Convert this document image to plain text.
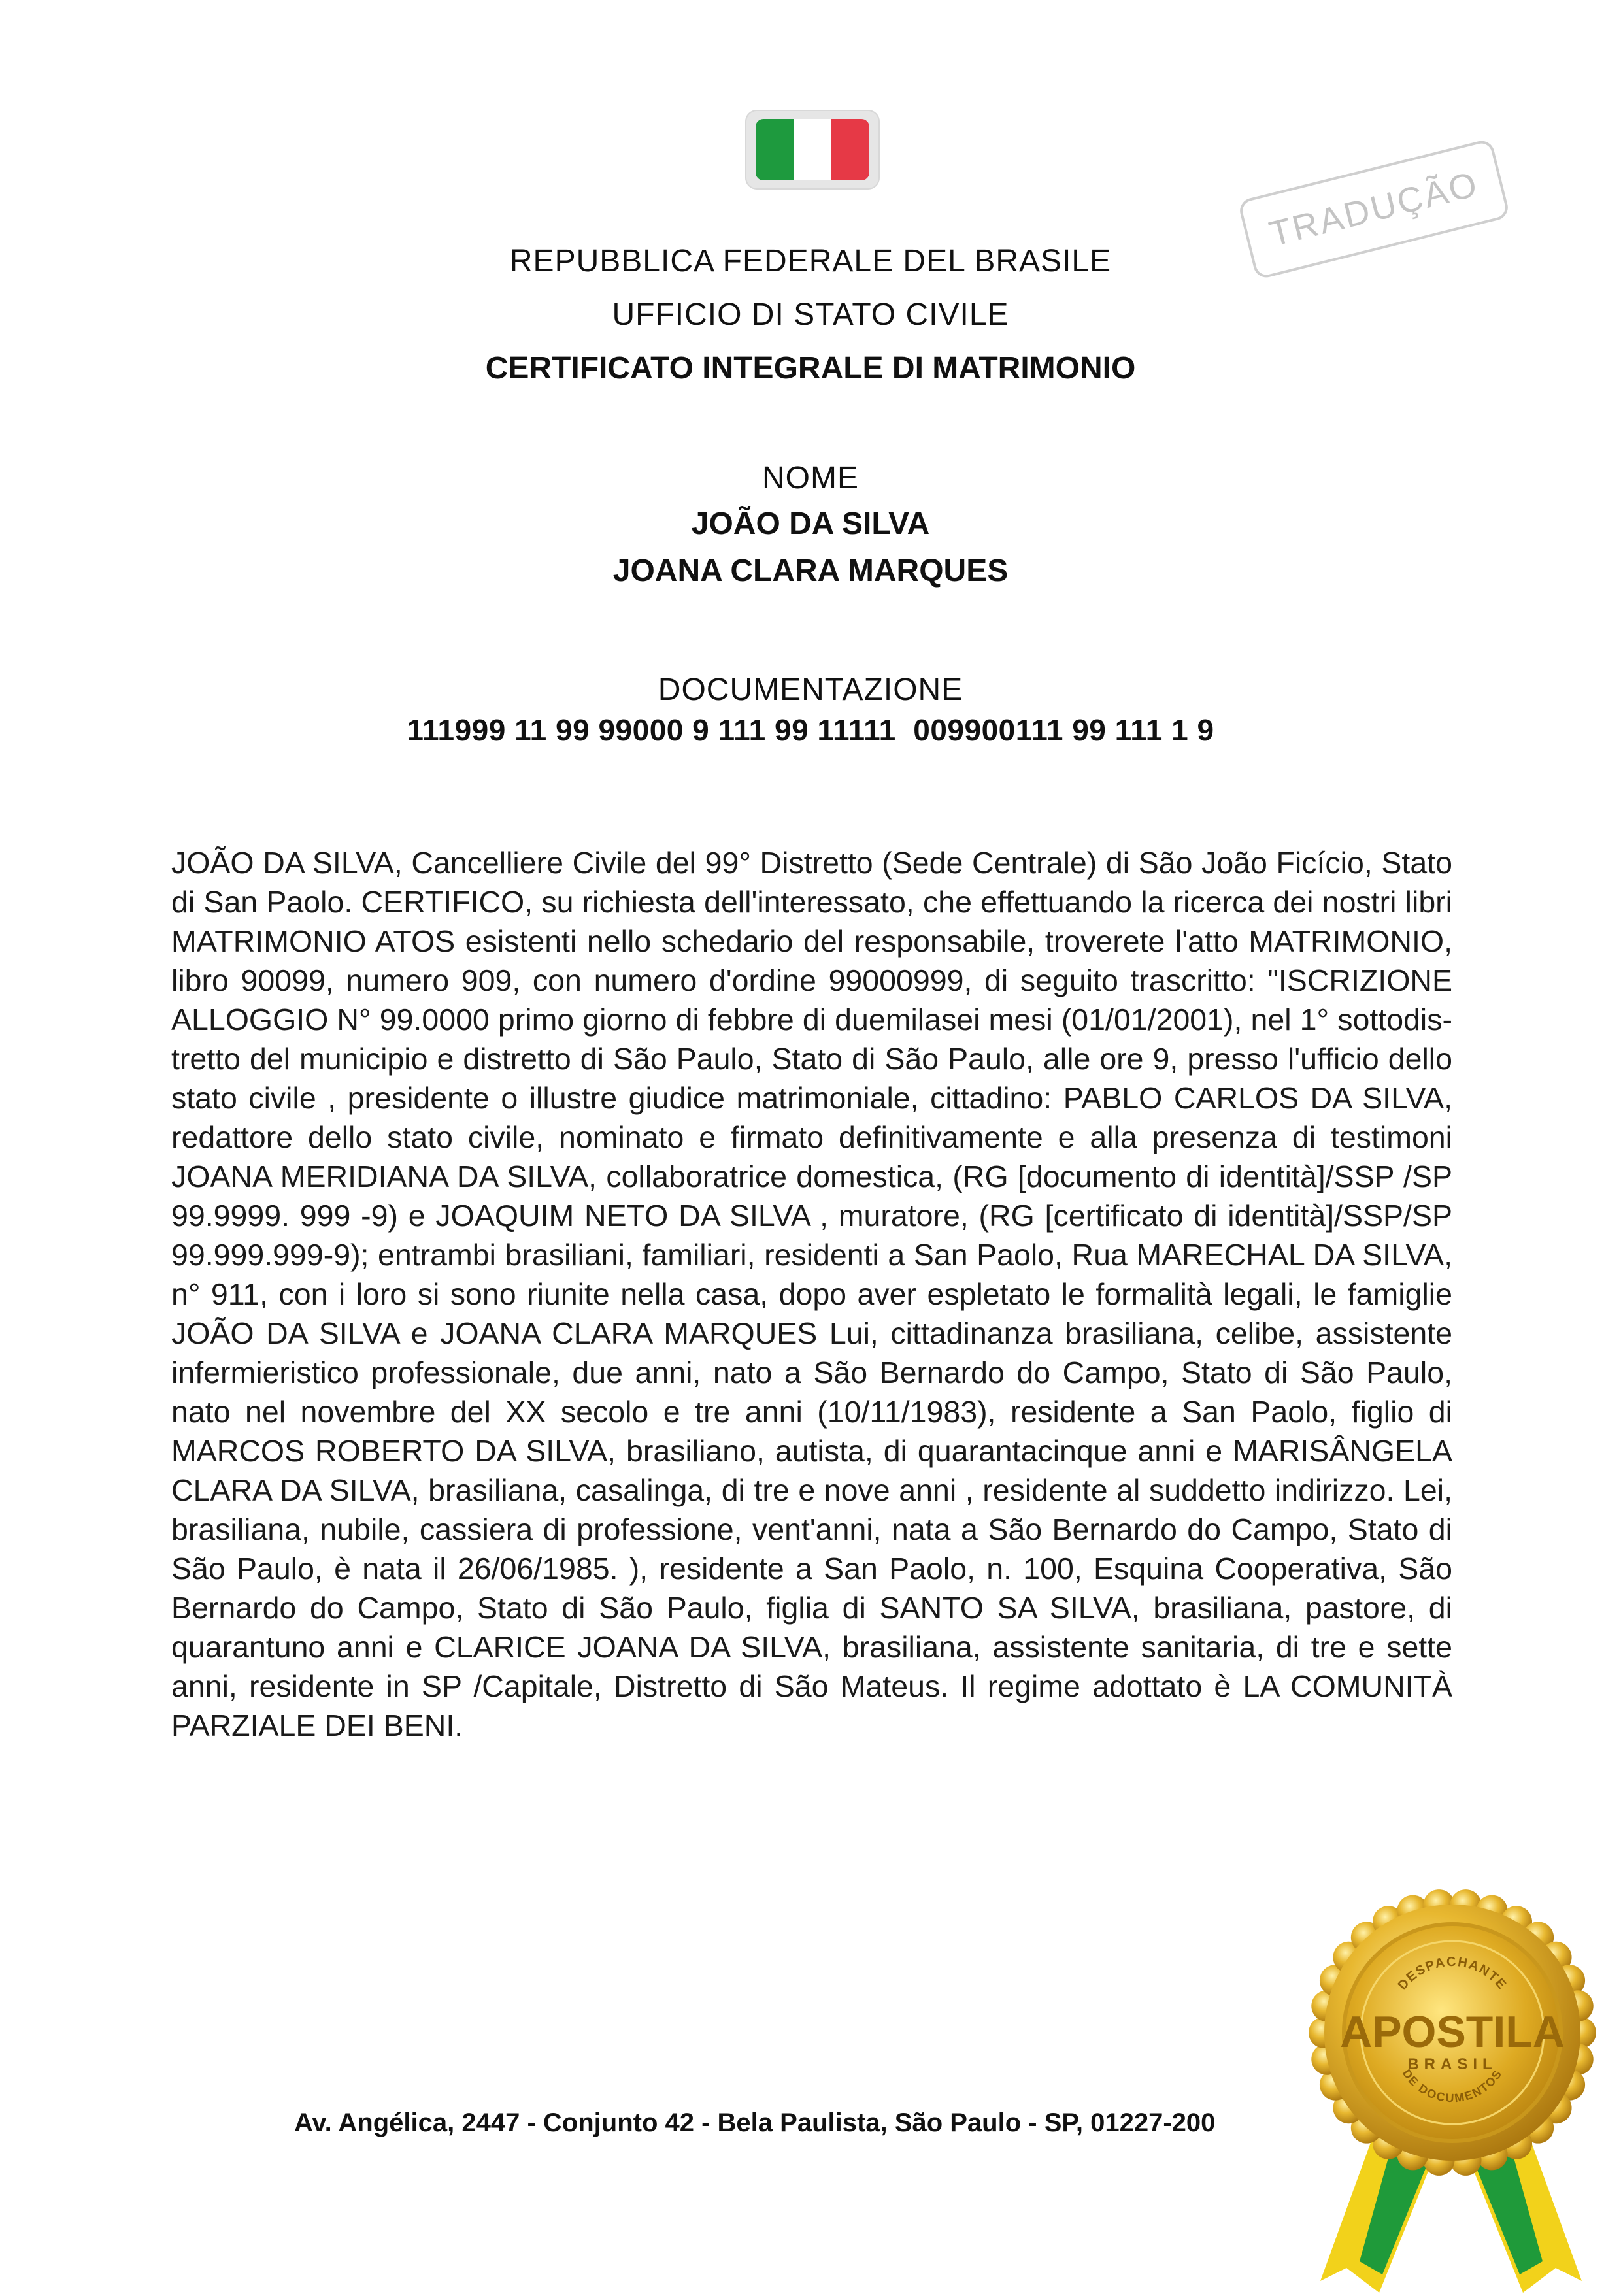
TRADUÇÃO
REPUBBLICA FEDERALE DEL BRASILE
UFFICIO DI STATO CIVILE
CERTIFICATO INTEGRALE DI MATRIMONIO
NOME
JOÃO DA SILVA
JOANA CLARA MARQUES
DOCUMENTAZIONE
111999 11 99 99000 9 111 99 11111  009900111 99 111 1 9
JOÃO DA SILVA, Cancelliere Civile del 99° Distretto (Sede Centrale) di São João Ficício, Stato di San Paolo. CERTIFICO, su richiesta dell'interessato, che effettuando la ricerca dei nostri libri MATRIMONIO ATOS esistenti nello schedario del responsabile, troverete l'atto MATRIMONIO, libro 90099, numero 909, con numero d'ordine 99000999, di seguito trascritto: "ISCRIZIONE ALLOGGIO N° 99.0000 primo giorno di febbre di duemilasei mesi (01/01/2001), nel 1° sottodistretto del municipio e distretto di São Paulo, Stato di São Paulo, alle ore 9, presso l'ufficio dello stato civile , presidente o illustre giudice matrimoniale, cittadino: PABLO CARLOS DA SILVA, redattore dello stato civile, nominato e firmato definitivamente e alla presenza di testimoni JOANA MERIDIANA DA SILVA, collaboratrice domestica, (RG [documento di identità]/SSP /SP 99.9999. 999 -9) e JOAQUIM NETO DA SILVA , muratore, (RG [certificato di identità]/SSP/SP 99.999.999-9); entrambi brasiliani, familiari, residenti a San Paolo, Rua MARECHAL DA SILVA, n° 911, con i loro si sono riunite nella casa, dopo aver espletato le formalità legali, le famiglie JOÃO DA SILVA e JOANA CLARA MARQUES Lui, cittadinanza brasiliana, celibe, assistente infermieristico professionale, due anni, nato a São Bernardo do Campo, Stato di São Paulo, nato nel novembre del XX secolo e tre anni (10/11/1983), residente a San Paolo, figlio di MARCOS ROBERTO DA SILVA, brasiliano, autista, di quarantacinque anni e MARISÂNGELA CLARA DA SILVA, brasiliana, casalinga, di tre e nove anni , residente al suddetto indirizzo. Lei, brasiliana, nubile, cassiera di professione, vent'anni, nata a São Bernardo do Campo, Stato di São Paulo, è nata il 26/06/1985. ), residente a San Paolo, n. 100, Esquina Cooperativa, São Bernardo do Campo, Stato di São Paulo, figlia di SANTO SA SILVA, brasiliana, pastore, di quarantuno anni e CLARICE JOANA DA SILVA, brasiliana, assistente sanitaria, di tre e sette anni, residente in SP /Capitale, Distretto di São Mateus. Il regime adottato è LA COMUNITÀ PARZIALE DEI BENI.
Av. Angélica, 2447 - Conjunto 42 - Bela Paulista, São Paulo - SP, 01227-200
DESPACHANTE
APOSTILA
BRASIL
DE DOCUMENTOS
